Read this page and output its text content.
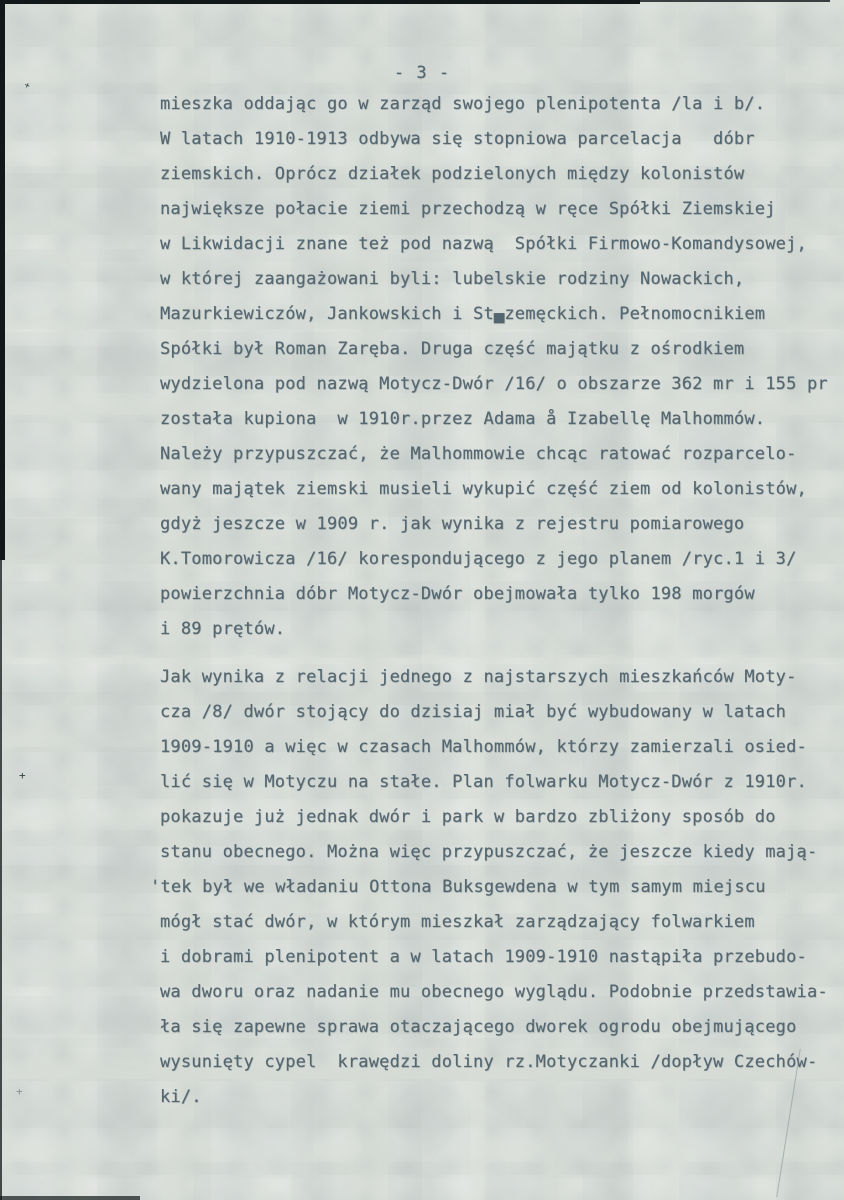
- 3 -

mieszka oddając go w zarząd swojego plenipotenta /la i b/.
W latach 1910-1913 odbywa się stopniowa parcelacja   dóbr
ziemskich. Oprócz działek podzielonych między kolonistów
największe połacie ziemi przechodzą w ręce Spółki Ziemskiej
w Likwidacji znane też pod nazwą  Spółki Firmowo-Komandysowej,
w której zaangażowani byli: lubelskie rodziny Nowackich,
Mazurkiewiczów, Jankowskich i St▄zemęckich. Pełnomocnikiem
Spółki był Roman Zaręba. Druga część majątku z ośrodkiem
wydzielona pod nazwą Motycz-Dwór /16/ o obszarze 362 mr i 155 pr
została kupiona  w 1910r.przez Adama å Izabellę Malhommów.
Należy przypuszczać, że Malhommowie chcąc ratować rozparcelo-
wany majątek ziemski musieli wykupić część ziem od kolonistów,
gdyż jeszcze w 1909 r. jak wynika z rejestru pomiarowego
K.Tomorowicza /16/ korespondującego z jego planem /ryc.1 i 3/
powierzchnia dóbr Motycz-Dwór obejmowała tylko 198 morgów
i 89 prętów.

Jak wynika z relacji jednego z najstarszych mieszkańców Moty-
cza /8/ dwór stojący do dzisiaj miał być wybudowany w latach
1909-1910 a więc w czasach Malhommów, którzy zamierzali osied-
lić się w Motyczu na stałe. Plan folwarku Motycz-Dwór z 1910r.
pokazuje już jednak dwór i park w bardzo zbliżony sposób do
stanu obecnego. Można więc przypuszczać, że jeszcze kiedy mają-
'tek był we władaniu Ottona Buksgewdena w tym samym miejscu
mógł stać dwór, w którym mieszkał zarządzający folwarkiem
i dobrami plenipotent a w latach 1909-1910 nastąpiła przebudo-
wa dworu oraz nadanie mu obecnego wyglądu. Podobnie przedstawia-
ła się zapewne sprawa otaczającego dworek ogrodu obejmującego
wysunięty cypel  krawędzi doliny rz.Motyczanki /dopływ Czechów-
ki/.

+
+
+
